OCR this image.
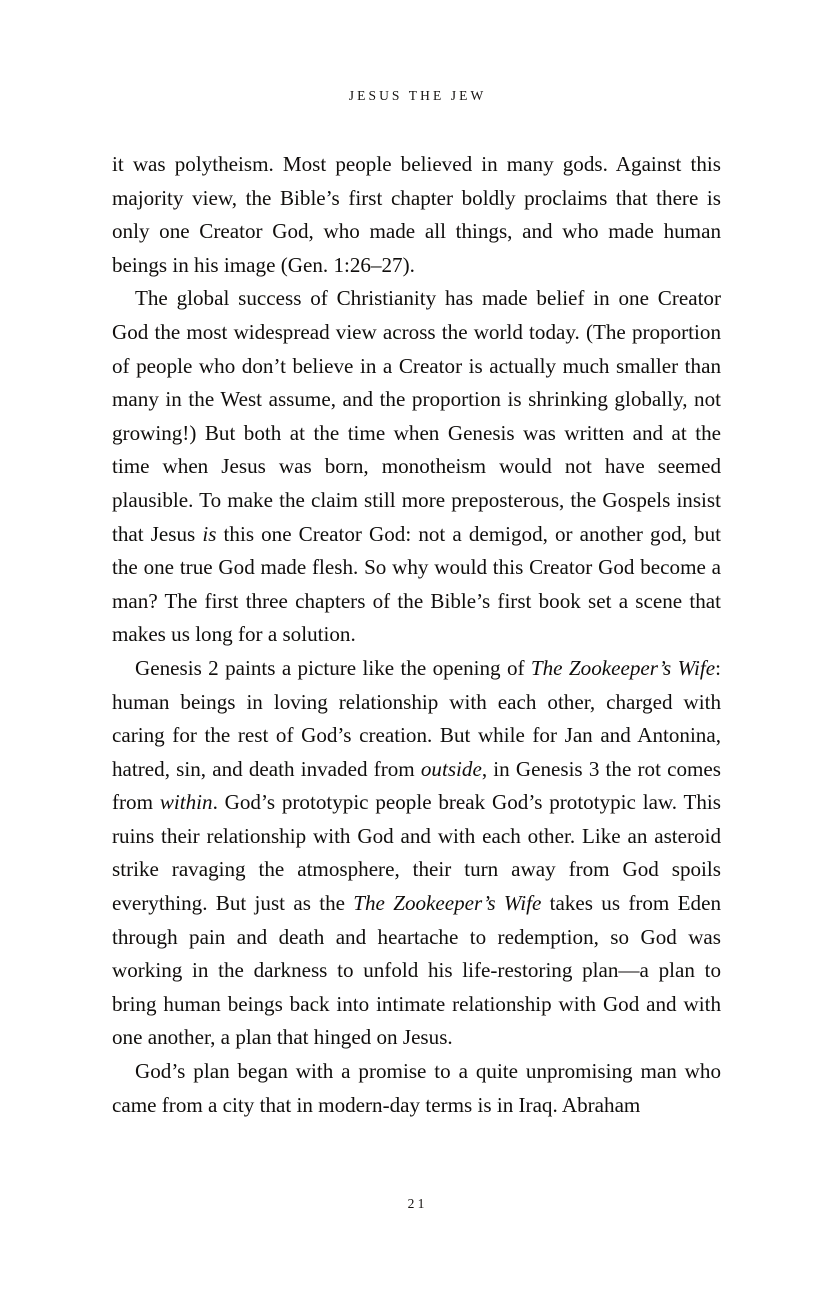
JESUS THE JEW

it was polytheism. Most people believed in many gods. Against this majority view, the Bible’s first chapter boldly proclaims that there is only one Creator God, who made all things, and who made human beings in his image (Gen. 1:26–27).

The global success of Christianity has made belief in one Creator God the most widespread view across the world today. (The proportion of people who don’t believe in a Creator is actually much smaller than many in the West assume, and the proportion is shrinking globally, not growing!) But both at the time when Genesis was written and at the time when Jesus was born, monotheism would not have seemed plausible. To make the claim still more preposterous, the Gospels insist that Jesus is this one Creator God: not a demigod, or another god, but the one true God made flesh. So why would this Creator God become a man? The first three chapters of the Bible’s first book set a scene that makes us long for a solution.

Genesis 2 paints a picture like the opening of The Zookeeper’s Wife: human beings in loving relationship with each other, charged with caring for the rest of God’s creation. But while for Jan and Antonina, hatred, sin, and death invaded from outside, in Genesis 3 the rot comes from within. God’s prototypic people break God’s prototypic law. This ruins their relationship with God and with each other. Like an asteroid strike ravaging the atmosphere, their turn away from God spoils everything. But just as the The Zookeeper’s Wife takes us from Eden through pain and death and heartache to redemption, so God was working in the darkness to unfold his life-restoring plan—a plan to bring human beings back into intimate relationship with God and with one another, a plan that hinged on Jesus.

God’s plan began with a promise to a quite unpromising man who came from a city that in modern-day terms is in Iraq. Abraham

21
